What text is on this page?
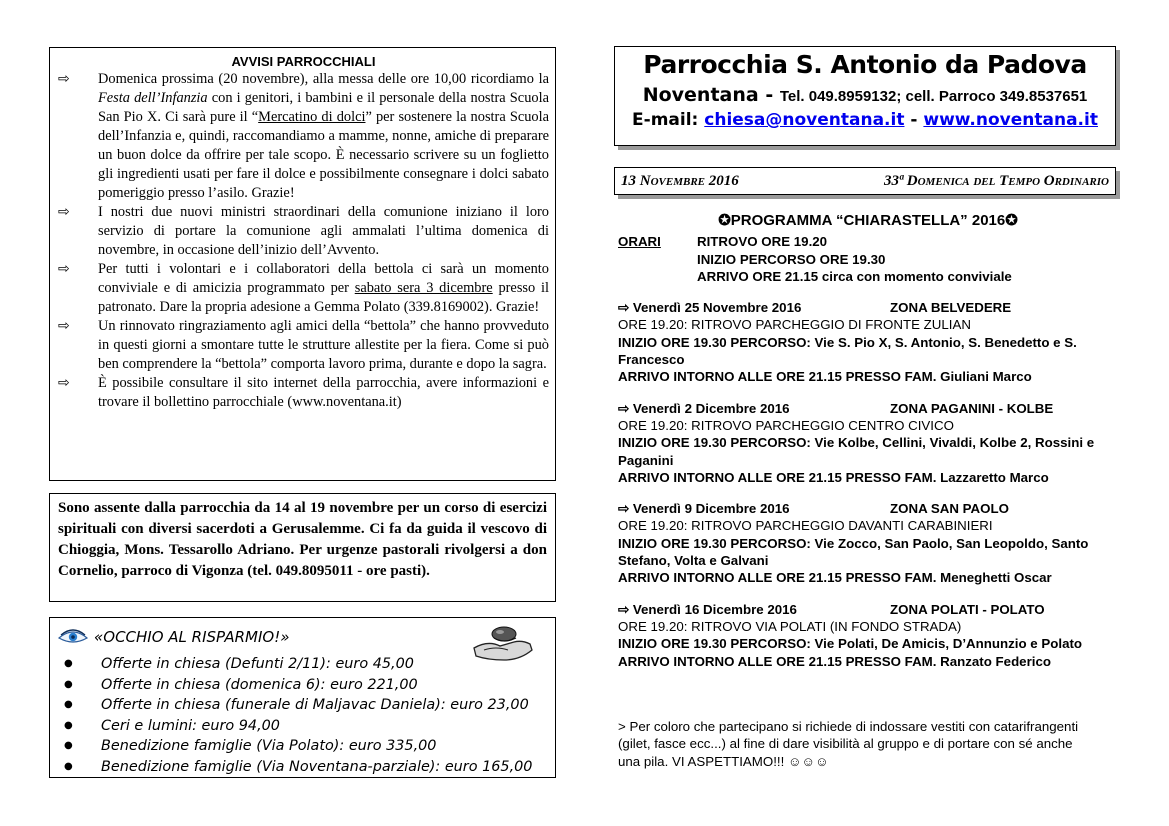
AVVISI PARROCCHIALI
⇨	Domenica prossima (20 novembre), alla messa delle ore 10,00 ricordiamo la Festa dell’Infanzia con i genitori, i bambini e il personale della nostra Scuola San Pio X. Ci sarà pure il “Mercatino di dolci” per sostenere la nostra Scuola dell’Infanzia e, quindi, raccomandiamo a mamme, nonne, amiche di preparare un buon dolce da offrire per tale scopo. È necessario scrivere su un foglietto gli ingredienti usati per fare il dolce e possibilmente consegnare i dolci sabato pomeriggio presso l’asilo. Grazie!
⇨	I nostri due nuovi ministri straordinari della comunione iniziano il loro servizio di portare la comunione agli ammalati l’ultima domenica di novembre, in occasione dell’inizio dell’Avvento.
⇨	Per tutti i volontari e i collaboratori della bettola ci sarà un momento conviviale e di amicizia programmato per sabato sera 3 dicembre presso il patronato. Dare la propria adesione a Gemma Polato (339.8169002). Grazie!
⇨	Un rinnovato ringraziamento agli amici della “bettola” che hanno provveduto in questi giorni a smontare tutte le strutture allestite per la fiera. Come si può ben comprendere la “bettola” comporta lavoro prima, durante e dopo la sagra.
⇨	È possibile consultare il sito internet della parrocchia, avere informazioni e trovare il bollettino parrocchiale (www.noventana.it)
Sono assente dalla parrocchia da 14 al 19 novembre per un corso di esercizi spirituali con diversi sacerdoti a Gerusalemme. Ci fa da guida il vescovo di Chioggia, Mons. Tessarollo Adriano. Per urgenze pastorali rivolgersi a don Cornelio, parroco di Vigonza (tel. 049.8095011 - ore pasti).
«OCCHIO AL RISPARMIO!»
●	Offerte in chiesa (Defunti 2/11): euro 45,00
●	Offerte in chiesa (domenica 6): euro 221,00
●	Offerte in chiesa (funerale di Maljavac Daniela): euro 23,00
●	Ceri e lumini: euro 94,00
●	Benedizione famiglie (Via Polato): euro 335,00
●	Benedizione famiglie (Via Noventana-parziale): euro 165,00
Parrocchia S. Antonio da Padova
Noventana - Tel. 049.8959132; cell. Parroco 349.8537651
E-mail: chiesa@noventana.it - www.noventana.it
13 Novembre 2016	33ª Domenica del Tempo Ordinario
✪PROGRAMMA “CHIARASTELLA” 2016✪
ORARI	RITROVO ORE 19.20
INIZIO PERCORSO ORE 19.30
ARRIVO ORE 21.15 circa con momento conviviale
⇨ Venerdì 25 Novembre 2016	ZONA BELVEDERE
ORE 19.20: RITROVO PARCHEGGIO DI FRONTE ZULIAN
INIZIO ORE 19.30 PERCORSO: Vie S. Pio X, S. Antonio, S. Benedetto e S. Francesco
ARRIVO INTORNO ALLE ORE 21.15 PRESSO FAM. Giuliani Marco
⇨ Venerdì 2 Dicembre 2016	ZONA PAGANINI - KOLBE
ORE 19.20: RITROVO PARCHEGGIO CENTRO CIVICO
INIZIO ORE 19.30 PERCORSO: Vie Kolbe, Cellini, Vivaldi, Kolbe 2, Rossini e Paganini
ARRIVO INTORNO ALLE ORE 21.15 PRESSO FAM. Lazzaretto Marco
⇨ Venerdì 9 Dicembre 2016	ZONA SAN PAOLO
ORE 19.20: RITROVO PARCHEGGIO DAVANTI CARABINIERI
INIZIO ORE 19.30 PERCORSO: Vie Zocco, San Paolo, San Leopoldo, Santo Stefano, Volta e Galvani
ARRIVO INTORNO ALLE ORE 21.15 PRESSO FAM. Meneghetti Oscar
⇨ Venerdì 16 Dicembre 2016	ZONA POLATI - POLATO
ORE 19.20: RITROVO VIA POLATI (IN FONDO STRADA)
INIZIO ORE 19.30 PERCORSO: Vie Polati, De Amicis, D’Annunzio e Polato
ARRIVO INTORNO ALLE ORE 21.15 PRESSO FAM. Ranzato Federico
> Per coloro che partecipano si richiede di indossare vestiti con catarifrangenti (gilet, fasce ecc...) al fine di dare visibilità al gruppo e di portare con sé anche una pila. VI ASPETTIAMO!!! ☺☺☺
